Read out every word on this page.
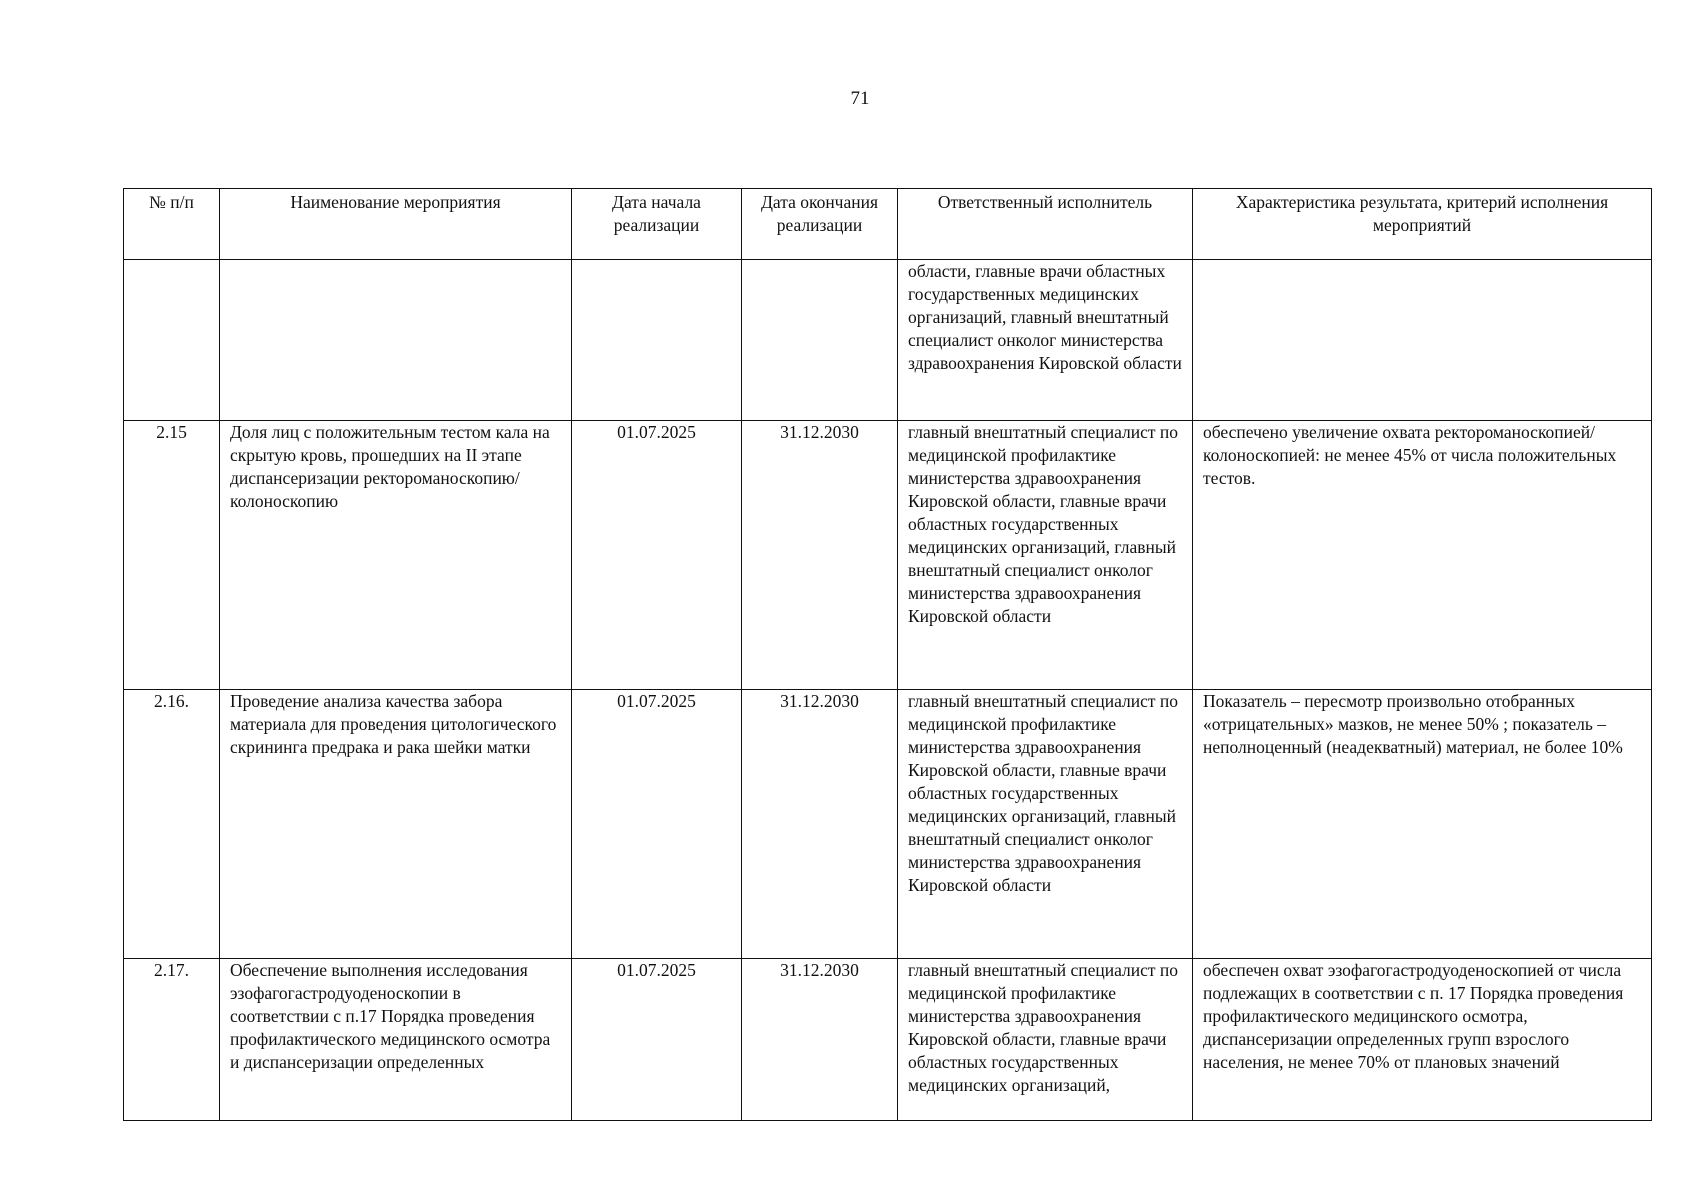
71
№ п/п	Наименование мероприятия	Дата начала реализации	Дата окончания реализации	Ответственный исполнитель	Характеристика результата, критерий исполнения мероприятий
				области, главные врачи областных государственных медицинских организаций, главный внештатный специалист онколог министерства здравоохранения Кировской области	
2.15	Доля лиц с положительным тестом кала на скрытую кровь, прошедших на II этапе диспансеризации ректороманоскопию/колоноскопию	01.07.2025	31.12.2030	главный внештатный специалист по медицинской профилактике министерства здравоохранения Кировской области, главные врачи областных государственных медицинских организаций, главный внештатный специалист онколог министерства здравоохранения Кировской области	обеспечено увеличение охвата ректороманоскопией/колоноскопией: не менее 45% от числа положительных тестов.
2.16.	Проведение анализа качества забора материала для проведения цитологического скрининга предрака и рака шейки матки	01.07.2025	31.12.2030	главный внештатный специалист по медицинской профилактике министерства здравоохранения Кировской области, главные врачи областных государственных медицинских организаций, главный внештатный специалист онколог министерства здравоохранения Кировской области	Показатель – пересмотр произвольно отобранных «отрицательных» мазков, не менее 50% ; показатель – неполноценный (неадекватный) материал, не более 10%
2.17.	Обеспечение выполнения исследования эзофагогастродуоденоскопии в соответствии с п.17 Порядка проведения профилактического медицинского осмотра и диспансеризации определенных	01.07.2025	31.12.2030	главный внештатный специалист по медицинской профилактике министерства здравоохранения Кировской области, главные врачи областных государственных медицинских организаций,	обеспечен охват эзофагогастродуоденоскопией от числа подлежащих в соответствии с п. 17 Порядка проведения профилактического медицинского осмотра, диспансеризации определенных групп взрослого населения, не менее 70% от плановых значений
